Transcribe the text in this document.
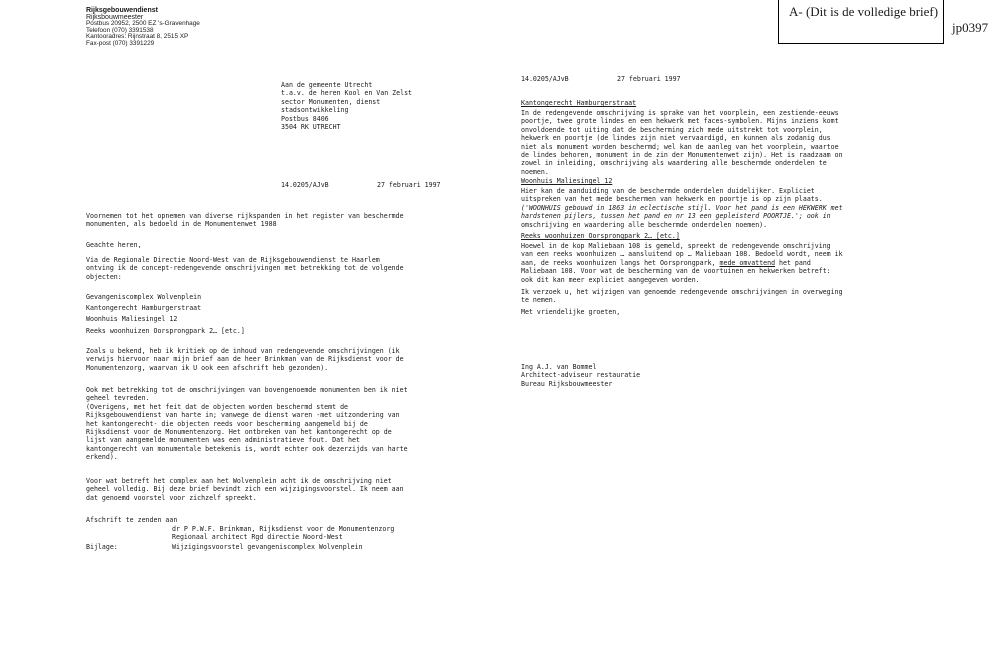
Rijksgebouwendienst
Rijksbouwmeester
Postbus 20952, 2500 EZ 's-Gravenhage
Telefoon (070) 3391538
Kantooradres: Rijnstraat 8, 2515 XP
Fax-post (070) 3391229
A- (Dit is de volledige brief)
jp0397
Aan de gemeente Utrecht
t.a.v. de heren Kool en Van Zelst
sector Monumenten, dienst
stadsontwikkeling
Postbus 8406
3504 RK UTRECHT
14.0205/AJvB	27 februari 1997
Voornemen tot het opnemen van diverse rijkspanden in het register van beschermde
monumenten, als bedoeld in de Monumentenwet 1988
Geachte heren,
Via de Regionale Directie Noord-West van de Rijksgebouwendienst te Haarlem
ontving ik de concept-redengevende omschrijvingen met betrekking tot de volgende
objecten:
Gevangeniscomplex Wolvenplein
Kantongerecht Hamburgerstraat
Woonhuis Maliesingel 12
Reeks woonhuizen Oorsprongpark 2… [etc.]
Zoals u bekend, heb ik kritiek op de inhoud van redengevende omschrijvingen (ik
verwijs hiervoor naar mijn brief aan de heer Brinkman van de Rijksdienst voor de
Monumentenzorg, waarvan ik U ook een afschrift heb gezonden).
Ook met betrekking tot de omschrijvingen van bovengenoemde monumenten ben ik niet
geheel tevreden.
(Overigens, met het feit dat de objecten worden beschermd stemt de
Rijksgebouwendienst van harte in; vanwege de dienst waren -met uitzondering van
het kantongerecht- die objecten reeds voor bescherming aangemeld bij de
Rijksdienst voor de Monumentenzorg. Het ontbreken van het kantongerecht op de
lijst van aangemelde monumenten was een administratieve fout. Dat het
kantongerecht van monumentale betekenis is, wordt echter ook dezerzijds van harte
erkend).
Voor wat betreft het complex aan het Wolvenplein acht ik de omschrijving niet
geheel volledig. Bij deze brief bevindt zich een wijzigingsvoorstel. Ik neem aan
dat genoemd voorstel voor zichzelf spreekt.
Afschrift te zenden aan
dr P P.W.F. Brinkman, Rijksdienst voor de Monumentenzorg
Regionaal architect Rgd directie Noord-West
Bijlage:	Wijzigingsvoorstel gevangeniscomplex Wolvenplein
14.0205/AJvB	27 februari 1997
Kantongerecht Hamburgerstraat
In de redengevende omschrijving is sprake van het voorplein, een zestiende-eeuws
poortje, twee grote lindes en een hekwerk met faces-symbolen. Mijns inziens komt
onvoldoende tot uiting dat de bescherming zich mede uitstrekt tot voorplein,
hekwerk en poortje (de lindes zijn niet vervaardigd, en kunnen als zodanig dus
niet als monument worden beschermd; wel kan de aanleg van het voorplein, waartoe
de lindes behoren, monument in de zin der Monumentenwet zijn). Het is raadzaam on
zowel in inleiding, omschrijving als waardering alle beschermde onderdelen te
noemen.
Woonhuis Maliesingel 12
Hier kan de aanduiding van de beschermde onderdelen duidelijker. Expliciet
uitspreken van het mede beschermen van hekwerk en poortje is op zijn plaats.
('WOONHUIS gebouwd in 1863 in eclectische stijl. Voor het pand is een HEKWERK met
hardstenen pijlers, tussen het pand en nr 13 een gepleisterd POORTJE.'; ook in
omschrijving en waardering alle beschermde onderdelen noemen).
Reeks woonhuizen Oorsprongpark 2… [etc.]
Hoewel in de kop Maliebaan 108 is gemeld, spreekt de redengevende omschrijving
van een reeks woonhuizen … aansluitend op … Maliebaan 108. Bedoeld wordt, neem ik
aan, de reeks woonhuizen langs het Oorsprongpark, mede omvattend het pand
Maliebaan 108. Voor wat de bescherming van de voortuinen en hekwerken betreft:
ook dit kan meer expliciet aangegeven worden.
Ik verzoek u, het wijzigen van genoemde redengevende omschrijvingen in overweging
te nemen.
Met vriendelijke groeten,
Ing A.J. van Bommel
Architect-adviseur restauratie
Bureau Rijksbouwmeester
